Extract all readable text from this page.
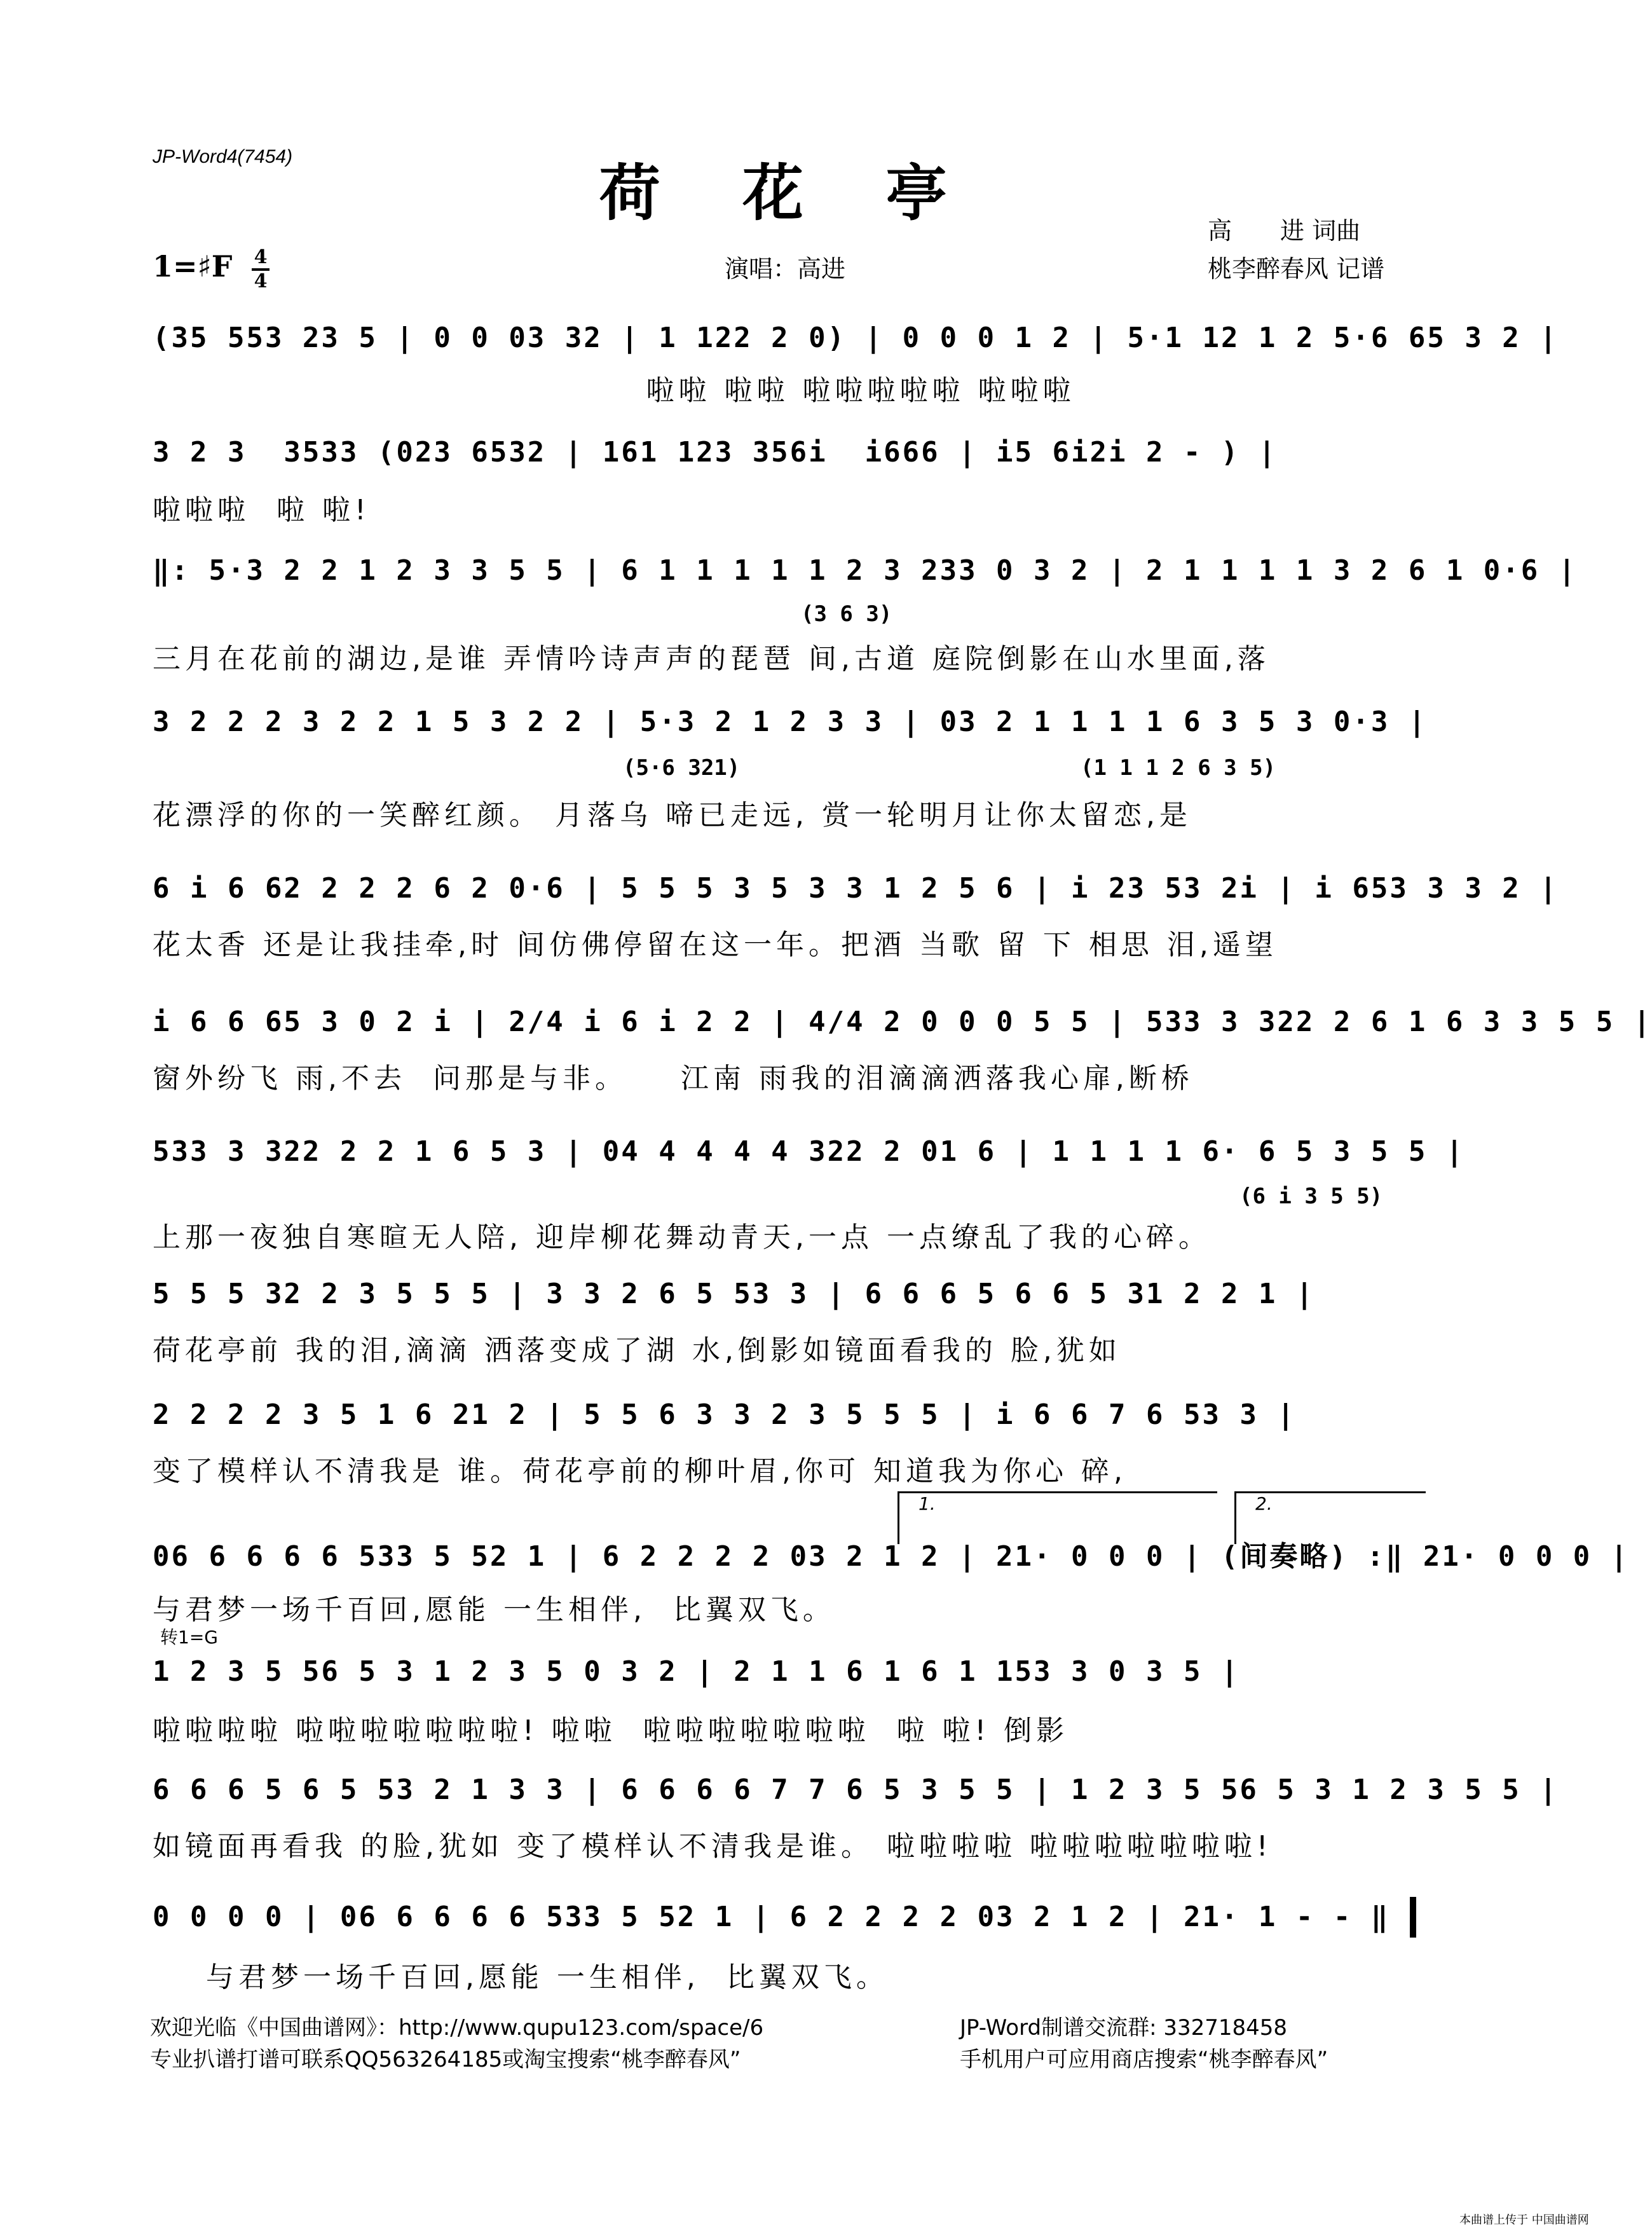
JP-Word4(7454)
荷 花 亭
1=♯F	4
4	演唱：高进
高　　进 词曲
桃李醉春风 记谱
(35 553 23 5 | 0 0 03 32 | 1 122 2 0) | 0 0 0 1 2 | 5·1 12 1 2 5·6 65 3 2 |
啦啦 啦啦 啦啦啦啦啦 啦啦啦
3 2 3  3533 (023 6532 | 161 123 356i  i666 | i5 6i2i 2 - ) |
啦啦啦  啦 啦!
‖: 5·3 2 2 1 2 3 3 5 5 | 6 1 1 1 1 1 2 3 233 0 3 2 | 2 1 1 1 1 3 2 6 1 0·6 |
(3 6 3)
三月在花前的湖边,是谁 弄情吟诗声声的琵琶 间,古道 庭院倒影在山水里面,落
3 2 2 2 3 2 2 1 5 3 2 2 | 5·3 2 1 2 3 3 | 03 2 1 1 1 1 6 3 5 3 0·3 |
(5·6 321)	(1 1 1 2 6 3 5)
花漂浮的你的一笑醉红颜。 月落乌 啼已走远, 赏一轮明月让你太留恋,是
6 i 6 62 2 2 2 6 2 0·6 | 5 5 5 3 5 3 3 1 2 5 6 | i 23 53 2i | i 653 3 3 2 |
花太香 还是让我挂牵,时 间仿佛停留在这一年。把酒 当歌 留 下 相思 泪,遥望
i 6 6 65 3 0 2 i | 2/4 i 6 i 2 2 | 4/4 2 0 0 0 5 5 | 533 3 322 2 6 1 6 3 3 5 5 |
窗外纷飞 雨,不去  问那是与非。    江南 雨我的泪滴滴洒落我心扉,断桥
533 3 322 2 2 1 6 5 3 | 04 4 4 4 4 322 2 01 6 | 1 1 1 1 6· 6 5 3 5 5 |
(6 i 3 5 5)
上那一夜独自寒暄无人陪, 迎岸柳花舞动青天,一点 一点缭乱了我的心碎。
5 5 5 32 2 3 5 5 5 | 3 3 2 6 5 53 3 | 6 6 6 5 6 6 5 31 2 2 1 |
荷花亭前 我的泪,滴滴 洒落变成了湖 水,倒影如镜面看我的 脸,犹如
2 2 2 2 3 5 1 6 21 2 | 5 5 6 3 3 2 3 5 5 5 | i 6 6 7 6 53 3 |
变了模样认不清我是 谁。荷花亭前的柳叶眉,你可 知道我为你心 碎,
1.	2.
06 6 6 6 6 533 5 52 1 | 6 2 2 2 2 03 2 1 2 | 21· 0 0 0 | (间奏略) :‖ 21· 0 0 0 |
与君梦一场千百回,愿能 一生相伴,  比翼双飞。
转1=G
1 2 3 5 56 5 3 1 2 3 5 0 3 2 | 2 1 1 6 1 6 1 153 3 0 3 5 |
啦啦啦啦 啦啦啦啦啦啦啦! 啦啦  啦啦啦啦啦啦啦  啦 啦! 倒影
6 6 6 5 6 5 53 2 1 3 3 | 6 6 6 6 7 7 6 5 3 5 5 | 1 2 3 5 56 5 3 1 2 3 5 5 |
如镜面再看我 的脸,犹如 变了模样认不清我是谁。 啦啦啦啦 啦啦啦啦啦啦啦!
0 0 0 0 | 06 6 6 6 6 533 5 52 1 | 6 2 2 2 2 03 2 1 2 | 21· 1 - - ‖
与君梦一场千百回,愿能 一生相伴,  比翼双飞。
欢迎光临《中国曲谱网》：http://www.qupu123.com/space/6
专业扒谱打谱可联系QQ563264185或淘宝搜索“桃李醉春风”
JP-Word制谱交流群: 332718458
手机用户可应用商店搜索“桃李醉春风”
本曲谱上传于 中国曲谱网
